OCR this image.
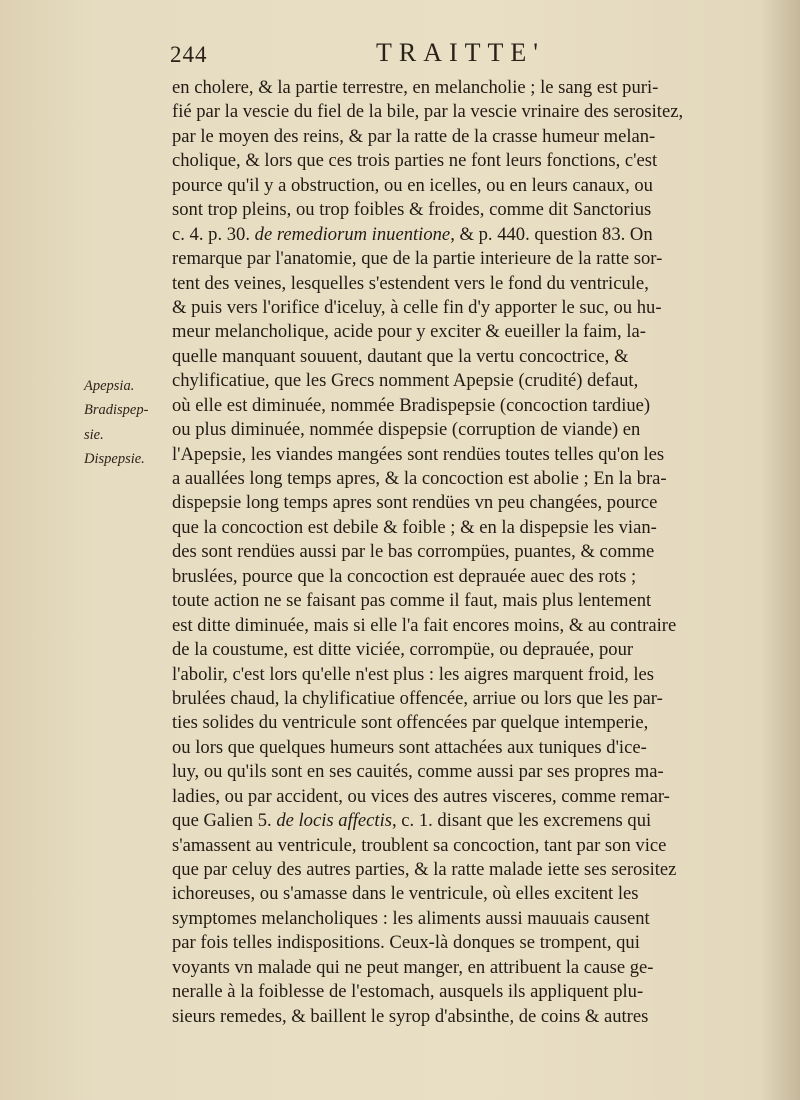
244	TRAITTE'
Apepsia.
Bradispep-
sie.
Dispepsie.
en cholere, & la partie terrestre, en melancholie ; le sang est puri-
fié par la vescie du fiel de la bile, par la vescie vrinaire des serositez,
par le moyen des reins, & par la ratte de la crasse humeur melan-
cholique, & lors que ces trois parties ne font leurs fonctions, c'est
pource qu'il y a obstruction, ou en icelles, ou en leurs canaux, ou
sont trop pleins, ou trop foibles & froides, comme dit Sanctorius
c. 4. p. 30. de remediorum inuentione, & p. 440. question 83. On
remarque par l'anatomie, que de la partie interieure de la ratte sor-
tent des veines, lesquelles s'estendent vers le fond du ventricule,
& puis vers l'orifice d'iceluy, à celle fin d'y apporter le suc, ou hu-
meur melancholique, acide pour y exciter & eueiller la faim, la-
quelle manquant souuent, dautant que la vertu concoctrice, &
chylificatiue, que les Grecs nomment Apepsie (crudité) defaut,
où elle est diminuée, nommée Bradispepsie (concoction tardiue)
ou plus diminuée, nommée dispepsie (corruption de viande) en
l'Apepsie, les viandes mangées sont rendües toutes telles qu'on les
a auallées long temps apres, & la concoction est abolie ; En la bra-
dispepsie long temps apres sont rendües vn peu changées, pource
que la concoction est debile & foible ; & en la dispepsie les vian-
des sont rendües aussi par le bas corrompües, puantes, & comme
bruslées, pource que la concoction est deprauée auec des rots ;
toute action ne se faisant pas comme il faut, mais plus lentement
est ditte diminuée, mais si elle l'a fait encores moins, & au contraire
de la coustume, est ditte viciée, corrompüe, ou deprauée, pour
l'abolir, c'est lors qu'elle n'est plus : les aigres marquent froid, les
brulées chaud, la chylificatiue offencée, arriue ou lors que les par-
ties solides du ventricule sont offencées par quelque intemperie,
ou lors que quelques humeurs sont attachées aux tuniques d'ice-
luy, ou qu'ils sont en ses cauités, comme aussi par ses propres ma-
ladies, ou par accident, ou vices des autres visceres, comme remar-
que Galien 5. de locis affectis, c. 1. disant que les excremens qui
s'amassent au ventricule, troublent sa concoction, tant par son vice
que par celuy des autres parties, & la ratte malade iette ses serositez
ichoreuses, ou s'amasse dans le ventricule, où elles excitent les
symptomes melancholiques : les aliments aussi mauuais causent
par fois telles indispositions. Ceux-là donques se trompent, qui
voyants vn malade qui ne peut manger, en attribuent la cause ge-
neralle à la foiblesse de l'estomach, ausquels ils appliquent plu-
sieurs remedes, & baillent le syrop d'absinthe, de coins & autres
